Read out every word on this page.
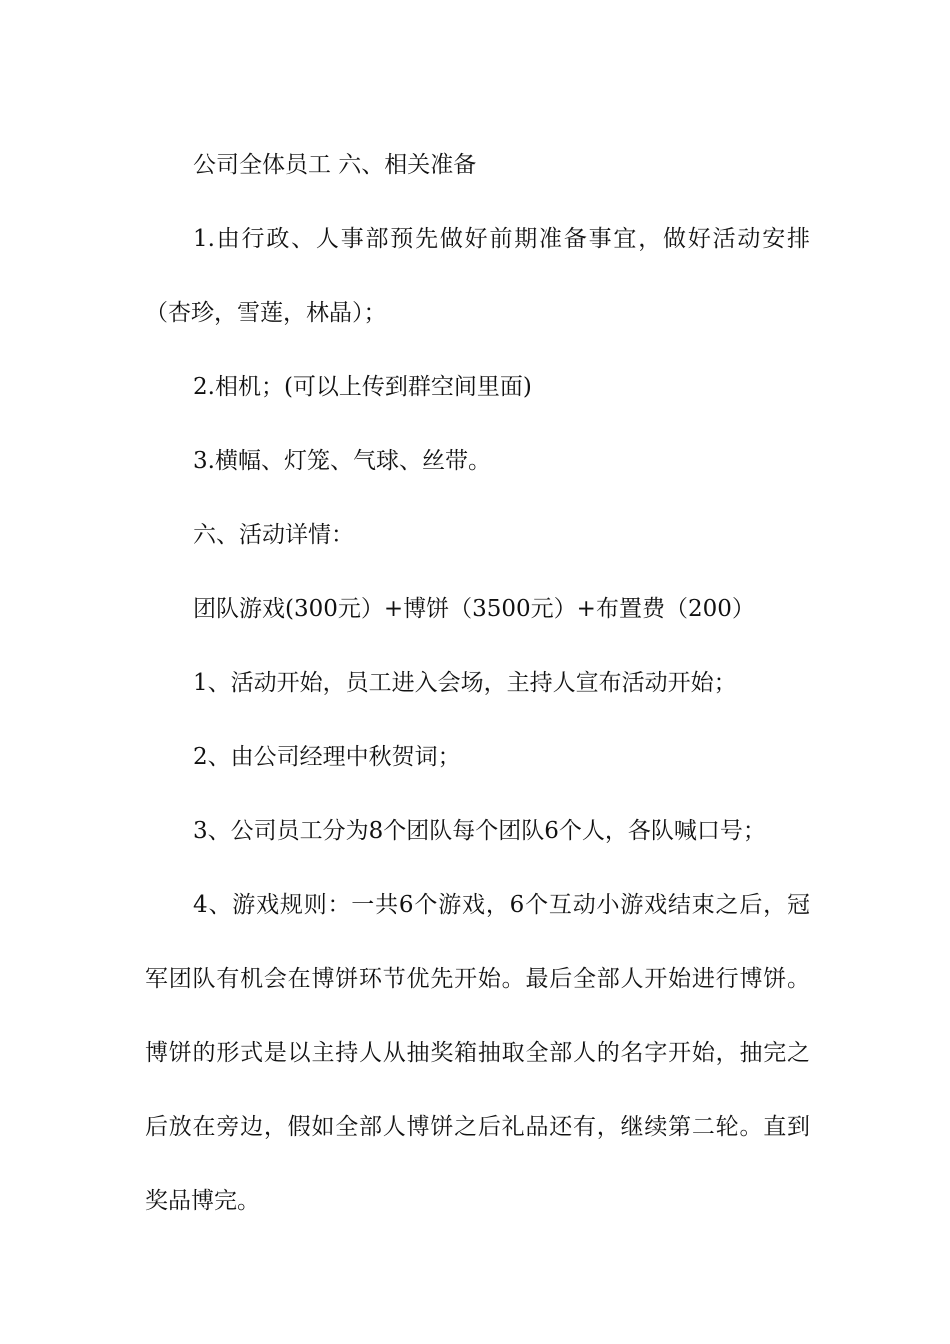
公司全体员工 六、相关准备

1.由行政、人事部预先做好前期准备事宜，做好活动安排（杏珍，雪莲，林晶）；

2.相机；(可以上传到群空间里面)

3.横幅、灯笼、气球、丝带。

六、活动详情：

团队游戏(300元）+博饼（3500元）+布置费（200）

1、活动开始，员工进入会场，主持人宣布活动开始；

2、由公司经理中秋贺词；

3、公司员工分为8个团队每个团队6个人，各队喊口号；

4、游戏规则：一共6个游戏，6个互动小游戏结束之后，冠军团队有机会在博饼环节优先开始。最后全部人开始进行博饼。博饼的形式是以主持人从抽奖箱抽取全部人的名字开始，抽完之后放在旁边，假如全部人博饼之后礼品还有，继续第二轮。直到奖品博完。
